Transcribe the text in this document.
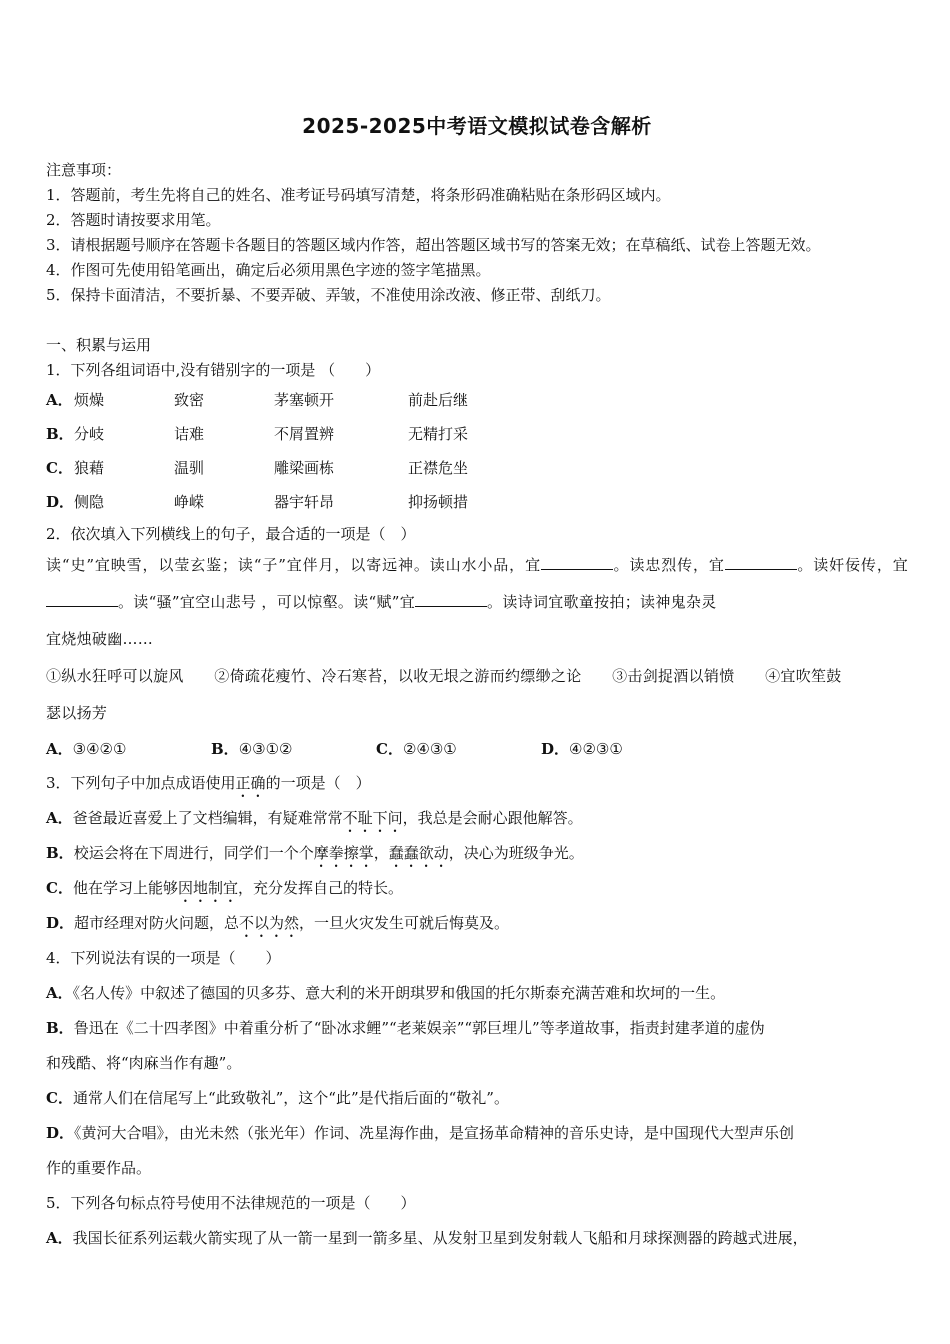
2025-2025中考语文模拟试卷含解析
注意事项：
1．答题前，考生先将自己的姓名、准考证号码填写清楚，将条形码准确粘贴在条形码区域内。
2．答题时请按要求用笔。
3．请根据题号顺序在答题卡各题目的答题区域内作答，超出答题区域书写的答案无效；在草稿纸、试卷上答题无效。
4．作图可先使用铅笔画出，确定后必须用黑色字迹的签字笔描黑。
5．保持卡面清洁，不要折暴、不要弄破、弄皱，不准使用涂改液、修正带、刮纸刀。
一、积累与运用
1．下列各组词语中,没有错别字的一项是 （　　）
A． 烦燥	致密	茅塞顿开	前赴后继
B． 分岐	诘难	不屑置辨	无精打采
C． 狼藉	温驯	雕梁画栋	正襟危坐
D． 侧隐	峥嵘	器宇轩昂	抑扬顿措
2．依次填入下列横线上的句子，最合适的一项是（　）
读“史”宜映雪，以莹玄鉴；读“子”宜伴月，以寄远神。读山水小品，宜	。读忠烈传，宜	。读奸佞传，宜。读“骚”宜空山悲号 ，可以惊壑。读“赋”宜	。读诗词宜歌童按拍；读神鬼杂灵
宜烧烛破幽……
①纵水狂呼可以旋风　　②倚疏花瘦竹、冷石寒苔，以收无垠之游而约缥缈之论　　③击剑捉酒以销愤　　④宜吹笙鼓
瑟以扬芳
A．③④②①	B．④③①②	C．②④③①	D．④②③①
3．下列句子中加点成语使用正确的一项是（　）
A．爸爸最近喜爱上了文档编辑，有疑难常常不耻下问，我总是会耐心跟他解答。
B．校运会将在下周进行，同学们一个个摩拳擦掌，蠢蠢欲动，决心为班级争光。
C．他在学习上能够因地制宜，充分发挥自己的特长。
D．超市经理对防火问题，总不以为然，一旦火灾发生可就后悔莫及。
4．下列说法有误的一项是（　　）
A．《名人传》中叙述了德国的贝多芬、意大利的米开朗琪罗和俄国的托尔斯泰充满苦难和坎坷的一生。
B．鲁迅在《二十四孝图》中着重分析了“卧冰求鲤”“老莱娱亲”“郭巨埋儿”等孝道故事，指责封建孝道的虚伪
和残酷、将“肉麻当作有趣”。
C．通常人们在信尾写上“此致敬礼”，这个“此”是代指后面的“敬礼”。
D．《黄河大合唱》，由光未然（张光年）作词、冼星海作曲，是宣扬革命精神的音乐史诗，是中国现代大型声乐创
作的重要作品。
5．下列各句标点符号使用不法律规范的一项是（　　）
A．我国长征系列运载火箭实现了从一箭一星到一箭多星、从发射卫星到发射载人飞船和月球探测器的跨越式进展，
